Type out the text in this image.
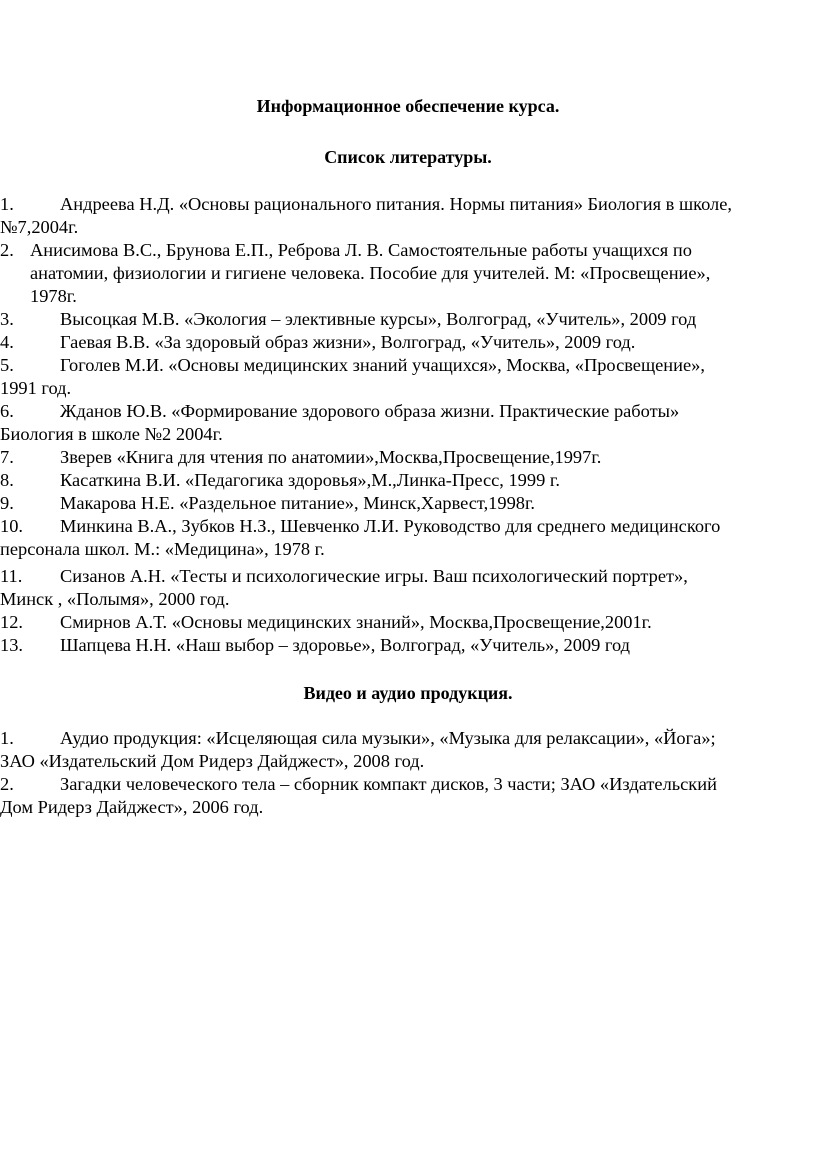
Информационное обеспечение курса.

Список литературы.

1.	Андреева Н.Д. «Основы рационального питания. Нормы питания» Биология в школе,
№7,2004г.
2. Анисимова В.С., Брунова Е.П., Реброва Л. В. Самостоятельные работы учащихся по
анатомии, физиологии и гигиене человека. Пособие для учителей. М: «Просвещение»,
1978г.
3.	Высоцкая М.В. «Экология – элективные курсы», Волгоград, «Учитель», 2009 год
4.	Гаевая В.В. «За здоровый образ жизни», Волгоград, «Учитель», 2009 год.
5.	Гоголев М.И. «Основы медицинских знаний учащихся», Москва, «Просвещение»,
1991 год.
6.	Жданов Ю.В. «Формирование здорового образа жизни. Практические работы»
Биология в школе №2 2004г.
7.	Зверев «Книга для чтения по анатомии»,Москва,Просвещение,1997г.
8.	Касаткина В.И. «Педагогика здоровья»,М.,Линка-Пресс, 1999 г.
9.	Макарова Н.Е. «Раздельное питание», Минск,Харвест,1998г.
10.	Минкина В.А., Зубков Н.З., Шевченко Л.И. Руководство для среднего медицинского
персонала школ. М.: «Медицина», 1978 г.
11.	Сизанов А.Н. «Тесты и психологические игры. Ваш психологический портрет»,
Минск , «Полымя», 2000 год.
12.	Смирнов А.Т. «Основы медицинских знаний», Москва,Просвещение,2001г.
13.	Шапцева Н.Н. «Наш выбор – здоровье», Волгоград, «Учитель», 2009 год

Видео и аудио продукция.

1.	Аудио продукция: «Исцеляющая сила музыки», «Музыка для релаксации», «Йога»;
ЗАО «Издательский Дом Ридерз Дайджест», 2008 год.
2.	Загадки человеческого тела – сборник компакт дисков, 3 части; ЗАО «Издательский
Дом Ридерз Дайджест», 2006 год.
